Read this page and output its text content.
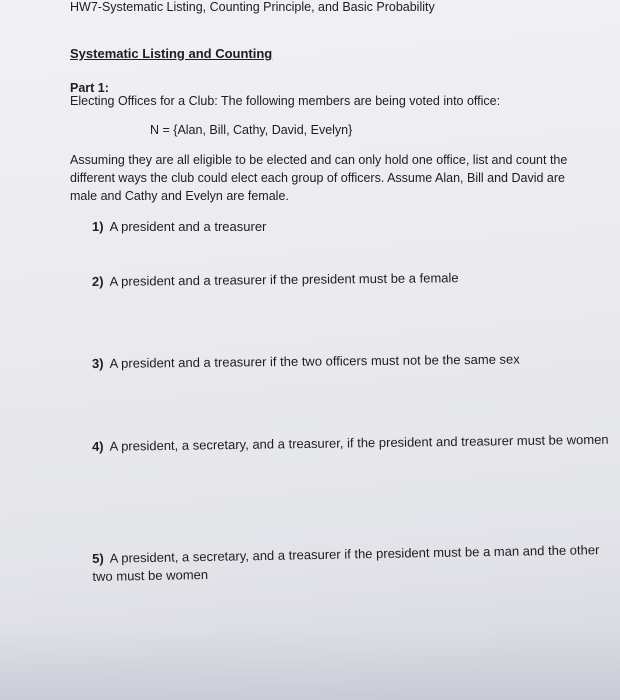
HW7-Systematic Listing, Counting Principle, and Basic Probability
Systematic Listing and Counting
Part 1:
Electing Offices for a Club: The following members are being voted into office:
N = {Alan, Bill, Cathy, David, Evelyn}
Assuming they are all eligible to be elected and can only hold one office, list and count the different ways the club could elect each group of officers. Assume Alan, Bill and David are male and Cathy and Evelyn are female.
1) A president and a treasurer
2) A president and a treasurer if the president must be a female
3) A president and a treasurer if the two officers must not be the same sex
4) A president, a secretary, and a treasurer, if the president and treasurer must be women
5) A president, a secretary, and a treasurer if the president must be a man and the other two must be women
